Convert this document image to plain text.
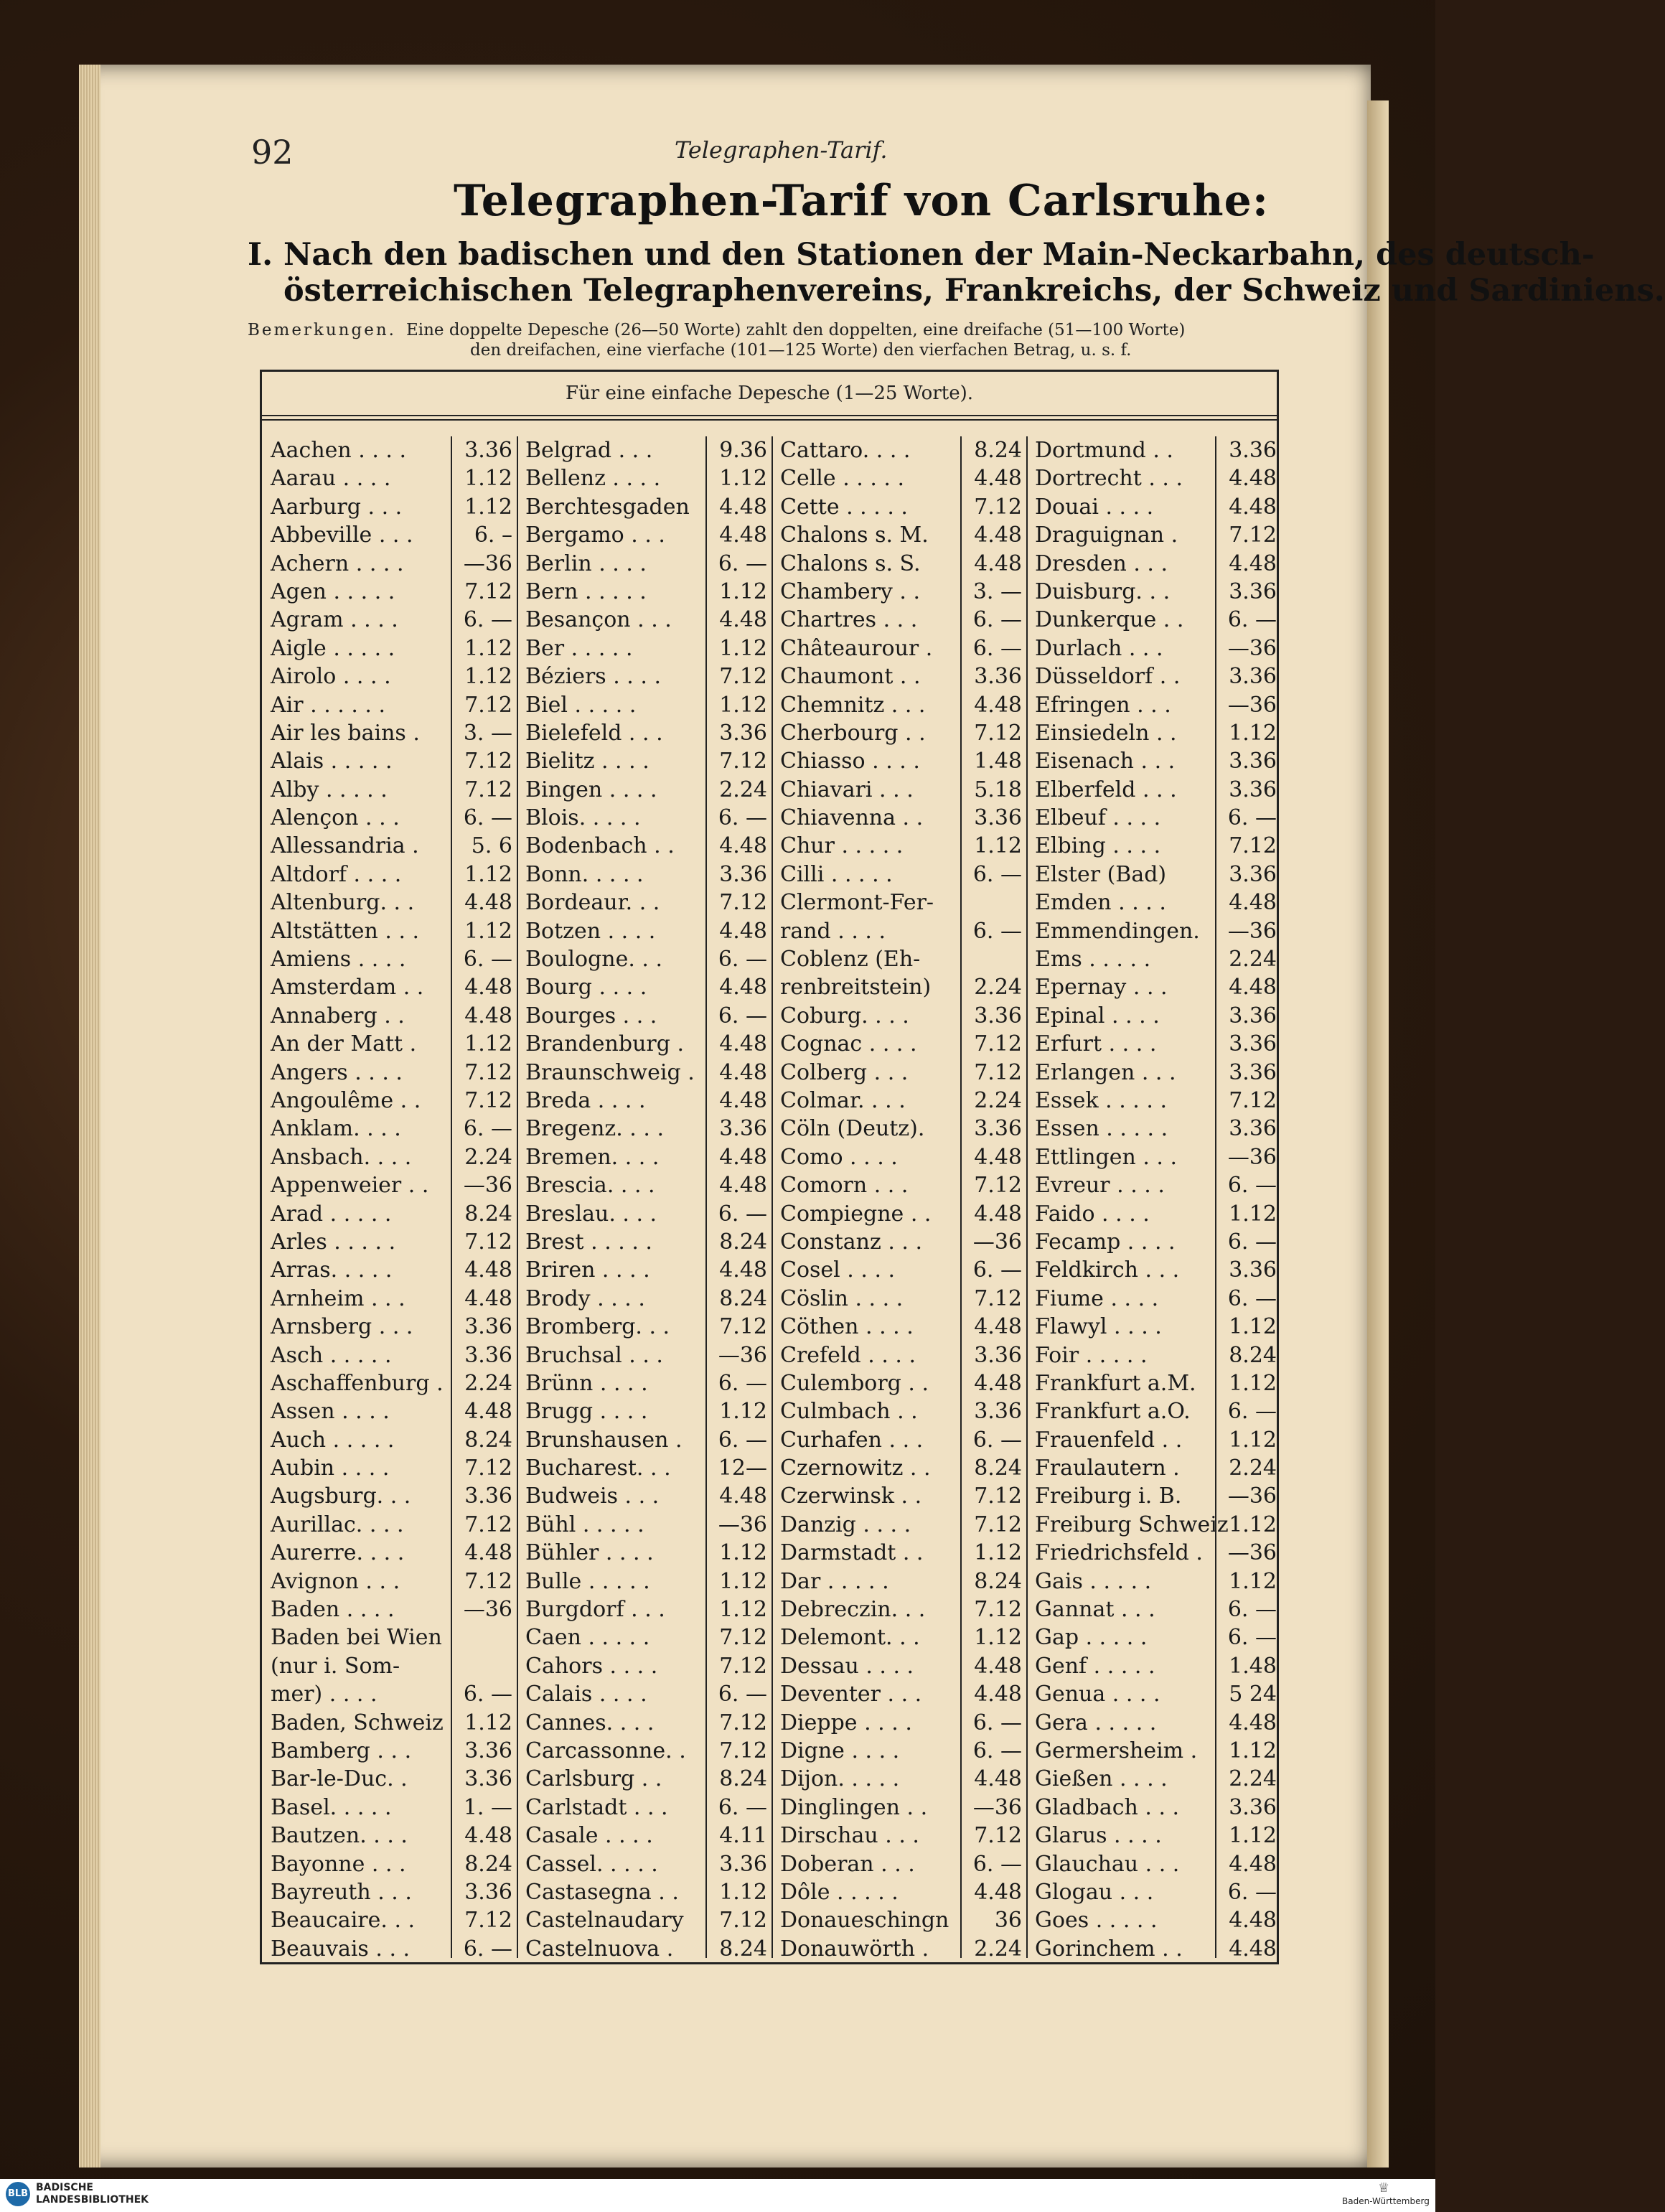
92	Telegraphen-Tarif.
Telegraphen-Tarif von Carlsruhe:
I. Nach den badischen und den Stationen der Main-Neckarbahn, des deutsch-
österreichischen Telegraphenvereins, Frankreichs, der Schweiz und Sardiniens.
Bemerkungen. Eine doppelte Depesche (26—50 Worte) zahlt den doppelten, eine dreifache (51—100 Worte)
den dreifachen, eine vierfache (101—125 Worte) den vierfachen Betrag, u. s. f.
Für eine einfache Depesche (1—25 Worte).
Aachen . . . .	3.36
Aarau . . . .	1.12
Aarburg . . .	1.12
Abbeville . . .	6. –
Achern . . . .	—36
Agen . . . . .	7.12
Agram . . . .	6. —
Aigle . . . . .	1.12
Airolo . . . .	1.12
Air . . . . . .	7.12
Air les bains .	3. —
Alais . . . . .	7.12
Alby . . . . .	7.12
Alençon . . .	6. —
Allessandria .	5. 6
Altdorf . . . .	1.12
Altenburg. . .	4.48
Altstätten . . .	1.12
Amiens . . . .	6. —
Amsterdam . .	4.48
Annaberg . .	4.48
An der Matt .	1.12
Angers . . . .	7.12
Angoulême . .	7.12
Anklam. . . .	6. —
Ansbach. . . .	2.24
Appenweier . .	—36
Arad . . . . .	8.24
Arles . . . . .	7.12
Arras. . . . .	4.48
Arnheim . . .	4.48
Arnsberg . . .	3.36
Asch . . . . .	3.36
Aschaffenburg . 2.24
Assen . . . .	4.48
Auch . . . . .	8.24
Aubin . . . .	7.12
Augsburg. . .	3.36
Aurillac. . . .	7.12
Aurerre. . . .	4.48
Avignon . . .	7.12
Baden . . . .	—36
Baden bei Wien
(nur i. Som-
mer) . . . .	6. —
Baden, Schweiz 1.12
Bamberg . . .	3.36
Bar-le-Duc. .	3.36
Basel. . . . .	1. —
Bautzen. . . .	4.48
Bayonne . . .	8.24
Bayreuth . . .	3.36
Beaucaire. . .	7.12
Beauvais . . .	6. —
Belgrad . . .	9.36
Bellenz . . . .	1.12
Berchtesgaden	4.48
Bergamo . . .	4.48
Berlin . . . .	6. —
Bern . . . . .	1.12
Besançon . . .	4.48
Ber . . . . .	1.12
Béziers . . . .	7.12
Biel . . . . .	1.12
Bielefeld . . .	3.36
Bielitz . . . .	7.12
Bingen . . . .	2.24
Blois. . . . .	6. —
Bodenbach . .	4.48
Bonn. . . . .	3.36
Bordeaur. . .	7.12
Botzen . . . .	4.48
Boulogne. . .	6. —
Bourg . . . .	4.48
Bourges . . .	6. —
Brandenburg .	4.48
Braunschweig .	4.48
Breda . . . .	4.48
Bregenz. . . .	3.36
Bremen. . . .	4.48
Brescia. . . .	4.48
Breslau. . . .	6. —
Brest . . . . .	8.24
Briren . . . .	4.48
Brody . . . .	8.24
Bromberg. . .	7.12
Bruchsal . . .	—36
Brünn . . . .	6. —
Brugg . . . .	1.12
Brunshausen .	6. —
Bucharest. . .	12—
Budweis . . .	4.48
Bühl . . . . .	—36
Bühler . . . .	1.12
Bulle . . . . .	1.12
Burgdorf . . .	1.12
Caen . . . . .	7.12
Cahors . . . .	7.12
Calais . . . .	6. —
Cannes. . . .	7.12
Carcassonne. .	7.12
Carlsburg . .	8.24
Carlstadt . . .	6. —
Casale . . . .	4.11
Cassel. . . . .	3.36
Castasegna . .	1.12
Castelnaudary	7.12
Castelnuova .	8.24
Cattaro. . . .	8.24
Celle . . . . .	4.48
Cette . . . . .	7.12
Chalons s. M.	4.48
Chalons s. S.	4.48
Chambery . .	3. —
Chartres . . .	6. —
Châteaurour .	6. —
Chaumont . .	3.36
Chemnitz . . .	4.48
Cherbourg . .	7.12
Chiasso . . . .	1.48
Chiavari . . .	5.18
Chiavenna . .	3.36
Chur . . . . .	1.12
Cilli . . . . .	6. —
Clermont-Fer-
rand . . . .	6. —
Coblenz (Eh-
renbreitstein)	2.24
Coburg. . . .	3.36
Cognac . . . .	7.12
Colberg . . .	7.12
Colmar. . . .	2.24
Cöln (Deutz).	3.36
Como . . . .	4.48
Comorn . . .	7.12
Compiegne . .	4.48
Constanz . . .	—36
Cosel . . . .	6. —
Cöslin . . . .	7.12
Cöthen . . . .	4.48
Crefeld . . . .	3.36
Culemborg . .	4.48
Culmbach . .	3.36
Curhafen . . .	6. —
Czernowitz . .	8.24
Czerwinsk . .	7.12
Danzig . . . .	7.12
Darmstadt . .	1.12
Dar . . . . .	8.24
Debreczin. . .	7.12
Delemont. . .	1.12
Dessau . . . .	4.48
Deventer . . .	4.48
Dieppe . . . .	6. —
Digne . . . .	6. —
Dijon. . . . .	4.48
Dinglingen . .	—36
Dirschau . . .	7.12
Doberan . . .	6. —
Dôle . . . . .	4.48
Donaueschingn	36
Donauwörth .	2.24
Dortmund . .	3.36
Dortrecht . . .	4.48
Douai . . . .	4.48
Draguignan .	7.12
Dresden . . .	4.48
Duisburg. . .	3.36
Dunkerque . .	6. —
Durlach . . .	—36
Düsseldorf . .	3.36
Efringen . . .	—36
Einsiedeln . .	1.12
Eisenach . . .	3.36
Elberfeld . . .	3.36
Elbeuf . . . .	6. —
Elbing . . . .	7.12
Elster (Bad)	3.36
Emden . . . .	4.48
Emmendingen.	—36
Ems . . . . .	2.24
Epernay . . .	4.48
Epinal . . . .	3.36
Erfurt . . . .	3.36
Erlangen . . .	3.36
Essek . . . . .	7.12
Essen . . . . .	3.36
Ettlingen . . .	—36
Evreur . . . .	6. —
Faido . . . .	1.12
Fecamp . . . .	6. —
Feldkirch . . .	3.36
Fiume . . . .	6. —
Flawyl . . . .	1.12
Foir . . . . .	8.24
Frankfurt a.M.	1.12
Frankfurt a.O.	6. —
Frauenfeld . .	1.12
Fraulautern .	2.24
Freiburg i. B.	—36
Freiburg Schweiz 1.12
Friedrichsfeld .	—36
Gais . . . . .	1.12
Gannat . . .	6. —
Gap . . . . .	6. —
Genf . . . . .	1.48
Genua . . . .	5 24
Gera . . . . .	4.48
Germersheim .	1.12
Gießen . . . .	2.24
Gladbach . . .	3.36
Glarus . . . .	1.12
Glauchau . . .	4.48
Glogau . . .	6. —
Goes . . . . .	4.48
Gorinchem . .	4.48
BLB
BADISCHE
LANDESBIBLIOTHEK
♕
Baden-Württemberg
